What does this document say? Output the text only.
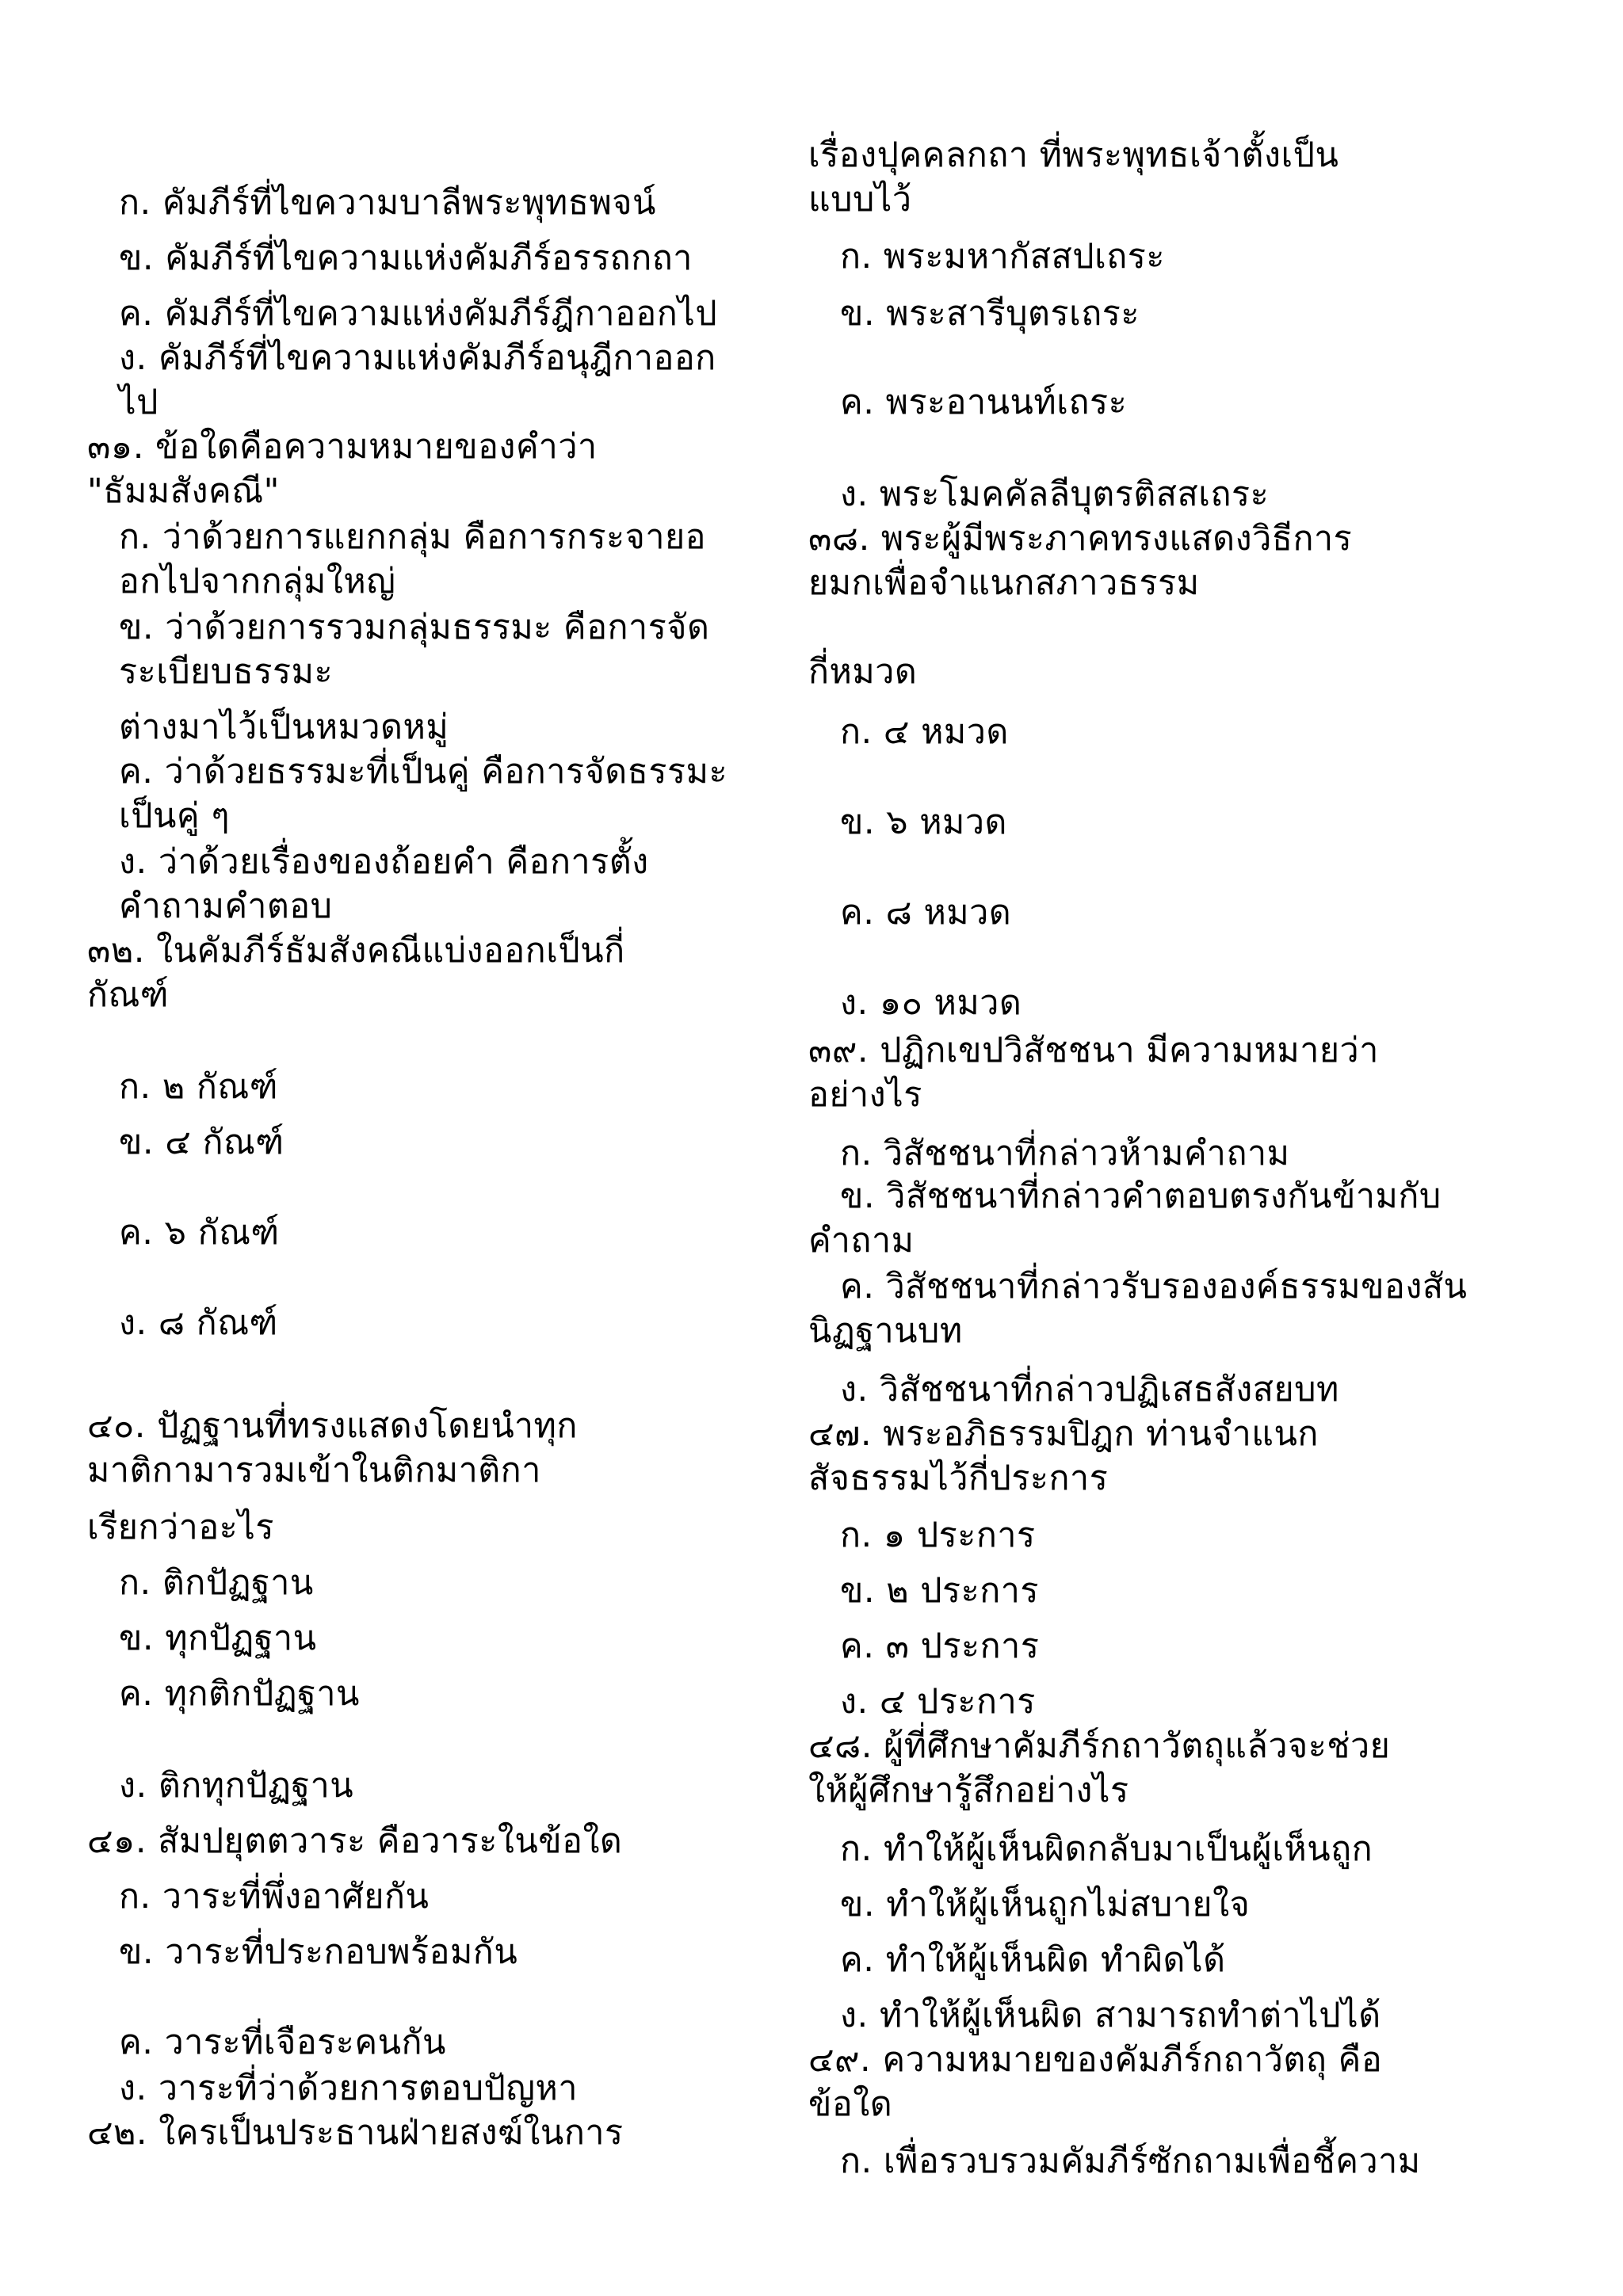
ก. คัมภีร์ที่ไขความบาลีพระพุทธพจน์
ข. คัมภีร์ที่ไขความแห่งคัมภีร์อรรถกถา
ค. คัมภีร์ที่ไขความแห่งคัมภีร์ฎีกาออกไป
ง. คัมภีร์ที่ไขความแห่งคัมภีร์อนุฎีกาออก
ไป
๓๑. ข้อใดคือความหมายของคำว่า
"ธัมมสังคณี"
ก. ว่าด้วยการแยกกลุ่ม คือการกระจายอ
อกไปจากกลุ่มใหญ่
ข. ว่าด้วยการรวมกลุ่มธรรมะ คือการจัด
ระเบียบธรรมะ
ต่างมาไว้เป็นหมวดหมู่
ค. ว่าด้วยธรรมะที่เป็นคู่ คือการจัดธรรมะ
เป็นคู่ ๆ
ง. ว่าด้วยเรื่องของถ้อยคำ คือการตั้ง
คำถามคำตอบ
๓๒. ในคัมภีร์ธัมสังคณีแบ่งออกเป็นกี่
กัณฑ์
ก. ๒ กัณฑ์
ข. ๔ กัณฑ์
ค. ๖ กัณฑ์
ง. ๘ กัณฑ์
๔๐. ปัฏฐานที่ทรงแสดงโดยนำทุก
มาติกามารวมเข้าในติกมาติกา
เรียกว่าอะไร
ก. ติกปัฏฐาน
ข. ทุกปัฏฐาน
ค. ทุกติกปัฏฐาน
ง. ติกทุกปัฏฐาน
๔๑. สัมปยุตตวาระ คือวาระในข้อใด
ก. วาระที่พึ่งอาศัยกัน
ข. วาระที่ประกอบพร้อมกัน
ค. วาระที่เจือระคนกัน
ง. วาระที่ว่าด้วยการตอบปัญหา
๔๒. ใครเป็นประธานฝ่ายสงฆ์ในการ
เรื่องปุคคลกถา ที่พระพุทธเจ้าตั้งเป็น
แบบไว้
ก. พระมหากัสสปเถระ
ข. พระสารีบุตรเถระ
ค. พระอานนท์เถระ
ง. พระโมคคัลลีบุตรติสสเถระ
๓๘. พระผู้มีพระภาคทรงแสดงวิธีการ
ยมกเพื่อจำแนกสภาวธรรม
กี่หมวด
ก. ๔ หมวด
ข. ๖ หมวด
ค. ๘ หมวด
ง. ๑๐ หมวด
๓๙. ปฏิกเขปวิสัชชนา มีความหมายว่า
อย่างไร
ก. วิสัชชนาที่กล่าวห้ามคำถาม
ข. วิสัชชนาที่กล่าวคำตอบตรงกันข้ามกับ
คำถาม
ค. วิสัชชนาที่กล่าวรับรององค์ธรรมของสัน
นิฏฐานบท
ง. วิสัชชนาที่กล่าวปฏิเสธสังสยบท
๔๗. พระอภิธรรมปิฎก ท่านจำแนก
สัจธรรมไว้กี่ประการ
ก. ๑ ประการ
ข. ๒ ประการ
ค. ๓ ประการ
ง. ๔ ประการ
๔๘. ผู้ที่ศึกษาคัมภีร์กถาวัตถุแล้วจะช่วย
ให้ผู้ศึกษารู้สึกอย่างไร
ก. ทำให้ผู้เห็นผิดกลับมาเป็นผู้เห็นถูก
ข. ทำให้ผู้เห็นถูกไม่สบายใจ
ค. ทำให้ผู้เห็นผิด ทำผิดได้
ง. ทำให้ผู้เห็นผิด สามารถทำต่าไปได้
๔๙. ความหมายของคัมภีร์กถาวัตถุ คือ
ข้อใด
ก. เพื่อรวบรวมคัมภีร์ซักถามเพื่อชี้ความ
